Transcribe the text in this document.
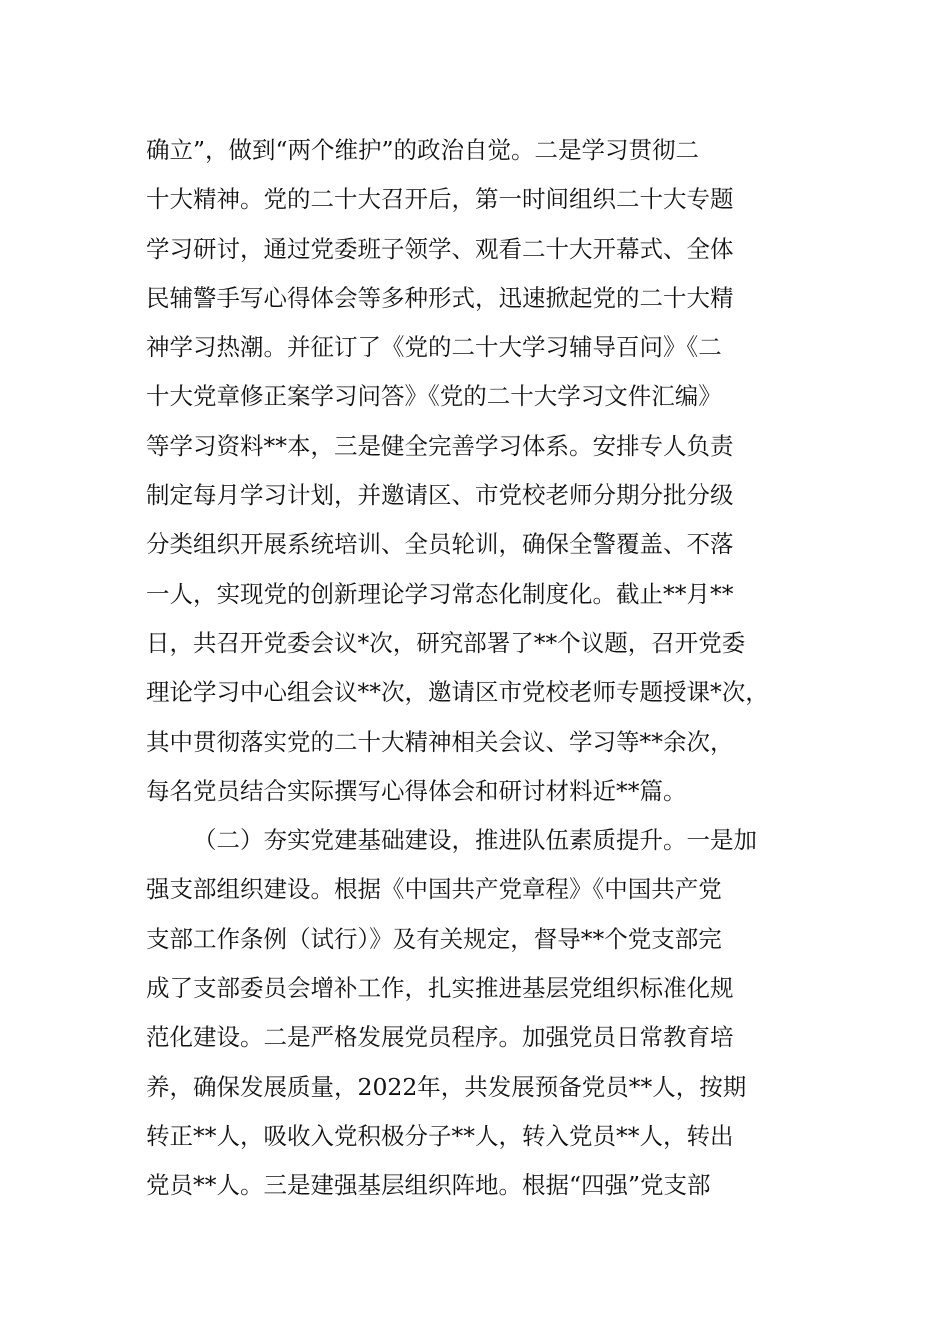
确立”，做到“两个维护”的政治自觉。二是学习贯彻二
十大精神。党的二十大召开后，第一时间组织二十大专题
学习研讨，通过党委班子领学、观看二十大开幕式、全体
民辅警手写心得体会等多种形式，迅速掀起党的二十大精
神学习热潮。并征订了《党的二十大学习辅导百问》《二
十大党章修正案学习问答》《党的二十大学习文件汇编》
等学习资料**本，三是健全完善学习体系。安排专人负责
制定每月学习计划，并邀请区、市党校老师分期分批分级
分类组织开展系统培训、全员轮训，确保全警覆盖、不落
一人，实现党的创新理论学习常态化制度化。截止**月**
日，共召开党委会议*次，研究部署了**个议题，召开党委
理论学习中心组会议**次，邀请区市党校老师专题授课*次，
其中贯彻落实党的二十大精神相关会议、学习等**余次，
每名党员结合实际撰写心得体会和研讨材料近**篇。
（二）夯实党建基础建设，推进队伍素质提升。一是加
强支部组织建设。根据《中国共产党章程》《中国共产党
支部工作条例（试行）》及有关规定，督导**个党支部完
成了支部委员会增补工作，扎实推进基层党组织标准化规
范化建设。二是严格发展党员程序。加强党员日常教育培
养，确保发展质量，2022年，共发展预备党员**人，按期
转正**人，吸收入党积极分子**人，转入党员**人，转出
党员**人。三是建强基层组织阵地。根据“四强”党支部
